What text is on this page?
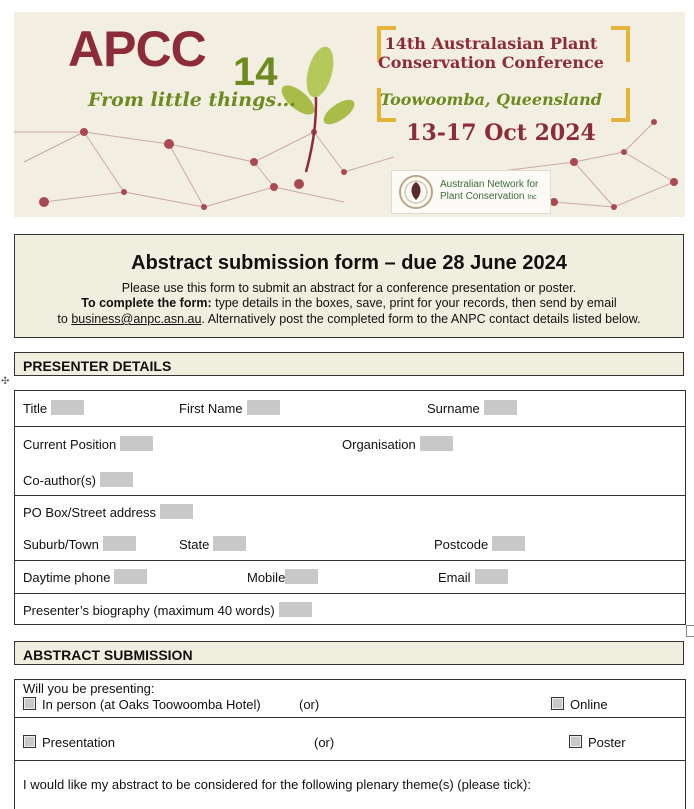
APCC 14
From little things...
14th Australasian Plant
Conservation Conference
Toowoomba, Queensland
13-17 Oct 2024
Australian Network for
Plant Conservation Inc
Abstract submission form – due 28 June 2024
Please use this form to submit an abstract for a conference presentation or poster.
To complete the form: type details in the boxes, save, print for your records, then send by email
to business@anpc.asn.au. Alternatively post the completed form to the ANPC contact details listed below.
PRESENTER DETAILS
✣
Title	First Name	Surname
Current Position	Organisation
Co-author(s)
PO Box/Street address
Suburb/Town	State	Postcode
Daytime phone	Mobile	Email
Presenter’s biography (maximum 40 words)
ABSTRACT SUBMISSION
Will you be presenting:
In person (at Oaks Toowoomba Hotel)	(or)	Online
Presentation	(or)	Poster
I would like my abstract to be considered for the following plenary theme(s) (please tick):
